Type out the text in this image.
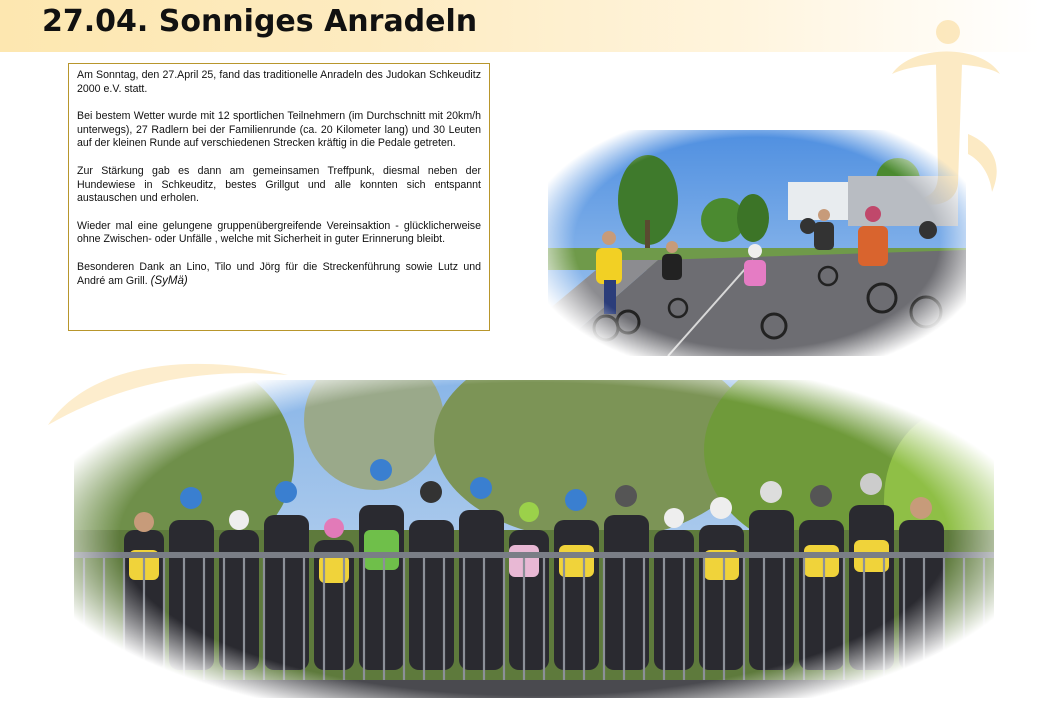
27.04. Sonniges Anradeln

Am Sonntag, den 27.April 25, fand das traditionelle Anradeln des Judokan Schkeuditz 2000 e.V. statt.

Bei bestem Wetter wurde mit 12 sportlichen Teilnehmern (im Durchschnitt mit 20km/h unterwegs), 27 Radlern bei der Familienrunde (ca. 20 Kilometer lang) und 30 Leuten auf der kleinen Runde auf verschiedenen Strecken kräftig in die Pedale getreten.

Zur Stärkung gab es dann am gemeinsamen Treffpunk, diesmal neben der Hundewiese in Schkeuditz, bestes Grillgut und alle konnten sich entspannt austauschen und erholen.

Wieder mal eine gelungene gruppenübergreifende Vereinsaktion - glücklicherweise ohne Zwischen- oder Unfälle , welche mit Sicherheit in guter Erinnerung bleibt.

Besonderen Dank an Lino, Tilo und Jörg für die Streckenführung sowie Lutz und André am Grill. (SyMä)
